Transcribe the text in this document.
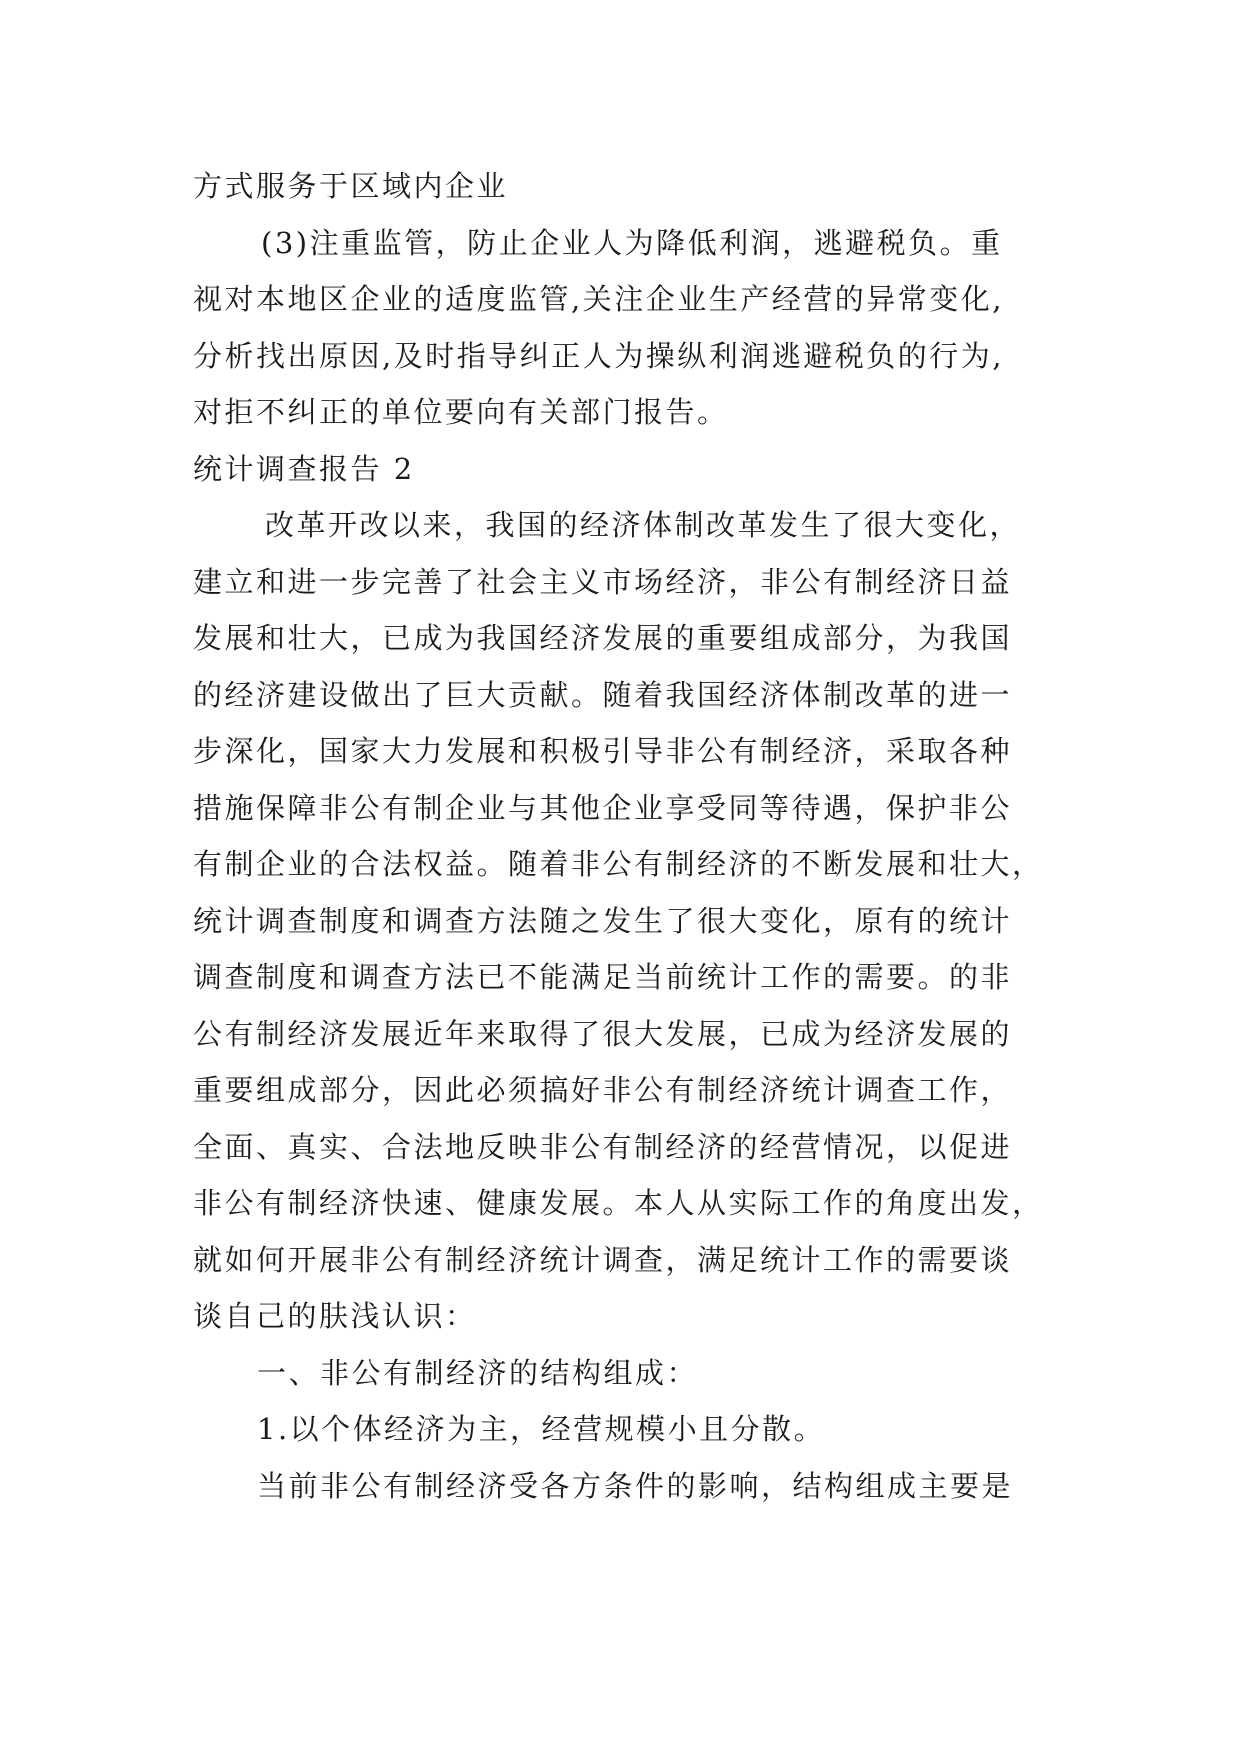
方式服务于区域内企业
(3)注重监管，防止企业人为降低利润，逃避税负。重
视对本地区企业的适度监管,关注企业生产经营的异常变化,
分析找出原因,及时指导纠正人为操纵利润逃避税负的行为,
对拒不纠正的单位要向有关部门报告。
统计调查报告 2
改革开改以来，我国的经济体制改革发生了很大变化，
建立和进一步完善了社会主义市场经济，非公有制经济日益
发展和壮大，已成为我国经济发展的重要组成部分，为我国
的经济建设做出了巨大贡献。随着我国经济体制改革的进一
步深化，国家大力发展和积极引导非公有制经济，采取各种
措施保障非公有制企业与其他企业享受同等待遇，保护非公
有制企业的合法权益。随着非公有制经济的不断发展和壮大，
统计调查制度和调查方法随之发生了很大变化，原有的统计
调查制度和调查方法已不能满足当前统计工作的需要。的非
公有制经济发展近年来取得了很大发展，已成为经济发展的
重要组成部分，因此必须搞好非公有制经济统计调查工作，
全面、真实、合法地反映非公有制经济的经营情况，以促进
非公有制经济快速、健康发展。本人从实际工作的角度出发，
就如何开展非公有制经济统计调查，满足统计工作的需要谈
谈自己的肤浅认识：
一、非公有制经济的结构组成：
1.以个体经济为主，经营规模小且分散。
当前非公有制经济受各方条件的影响，结构组成主要是
